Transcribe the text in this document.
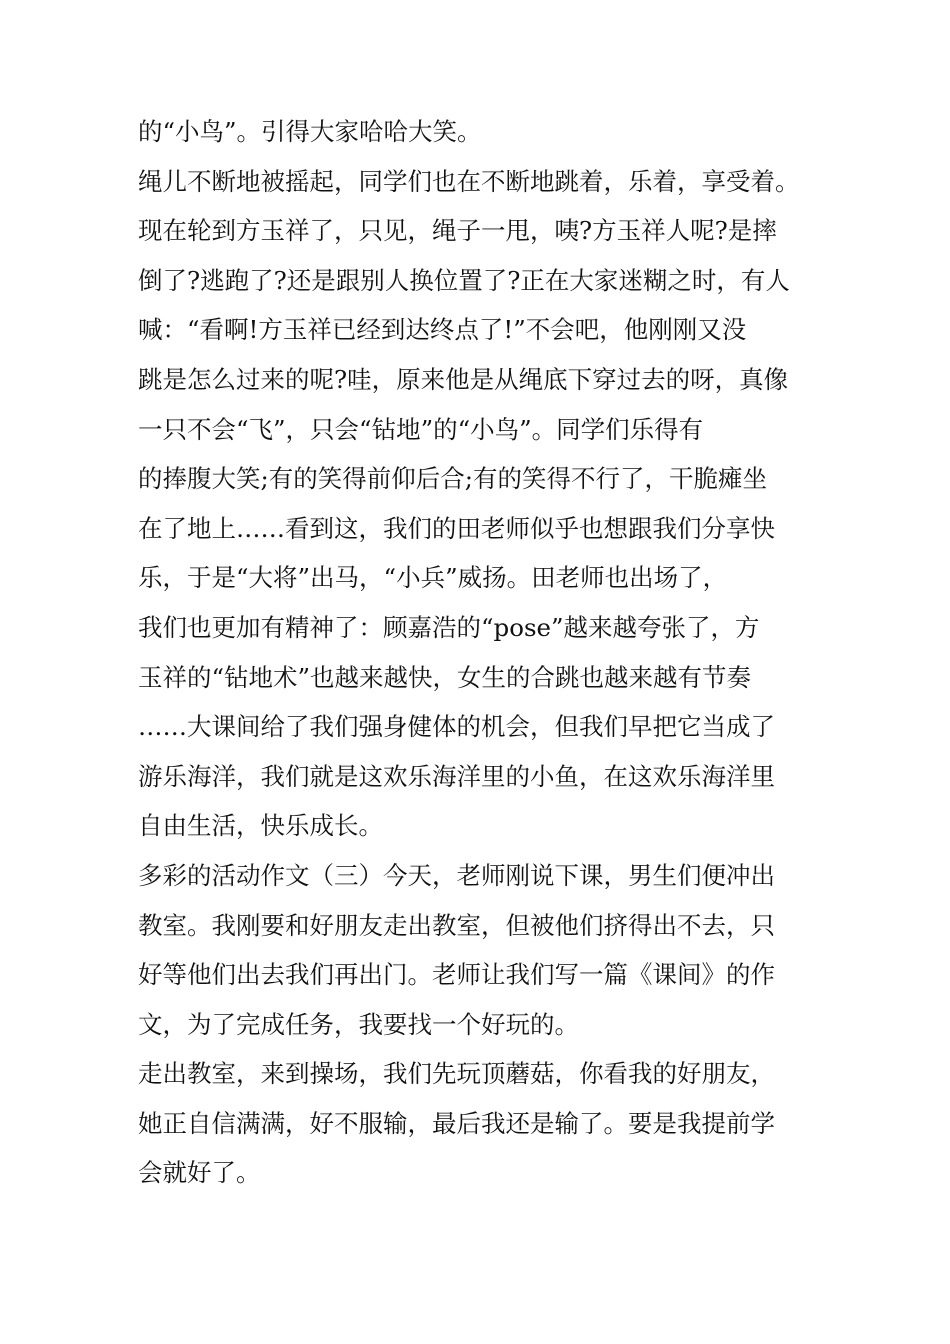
的“小鸟”。引得大家哈哈大笑。
绳儿不断地被摇起，同学们也在不断地跳着，乐着，享受着。
现在轮到方玉祥了，只见，绳子一甩，咦?方玉祥人呢?是摔
倒了?逃跑了?还是跟别人换位置了?正在大家迷糊之时，有人
喊：“看啊!方玉祥已经到达终点了!”不会吧，他刚刚又没
跳是怎么过来的呢?哇，原来他是从绳底下穿过去的呀，真像
一只不会“飞”，只会“钻地”的“小鸟”。同学们乐得有
的捧腹大笑;有的笑得前仰后合;有的笑得不行了，干脆瘫坐
在了地上……看到这，我们的田老师似乎也想跟我们分享快
乐，于是“大将”出马，“小兵”威扬。田老师也出场了，
我们也更加有精神了：顾嘉浩的“pose”越来越夸张了，方
玉祥的“钻地术”也越来越快，女生的合跳也越来越有节奏
……大课间给了我们强身健体的机会，但我们早把它当成了
游乐海洋，我们就是这欢乐海洋里的小鱼，在这欢乐海洋里
自由生活，快乐成长。
多彩的活动作文（三）今天，老师刚说下课，男生们便冲出
教室。我刚要和好朋友走出教室，但被他们挤得出不去，只
好等他们出去我们再出门。老师让我们写一篇《课间》的作
文，为了完成任务，我要找一个好玩的。
走出教室，来到操场，我们先玩顶蘑菇，你看我的好朋友，
她正自信满满，好不服输，最后我还是输了。要是我提前学
会就好了。
